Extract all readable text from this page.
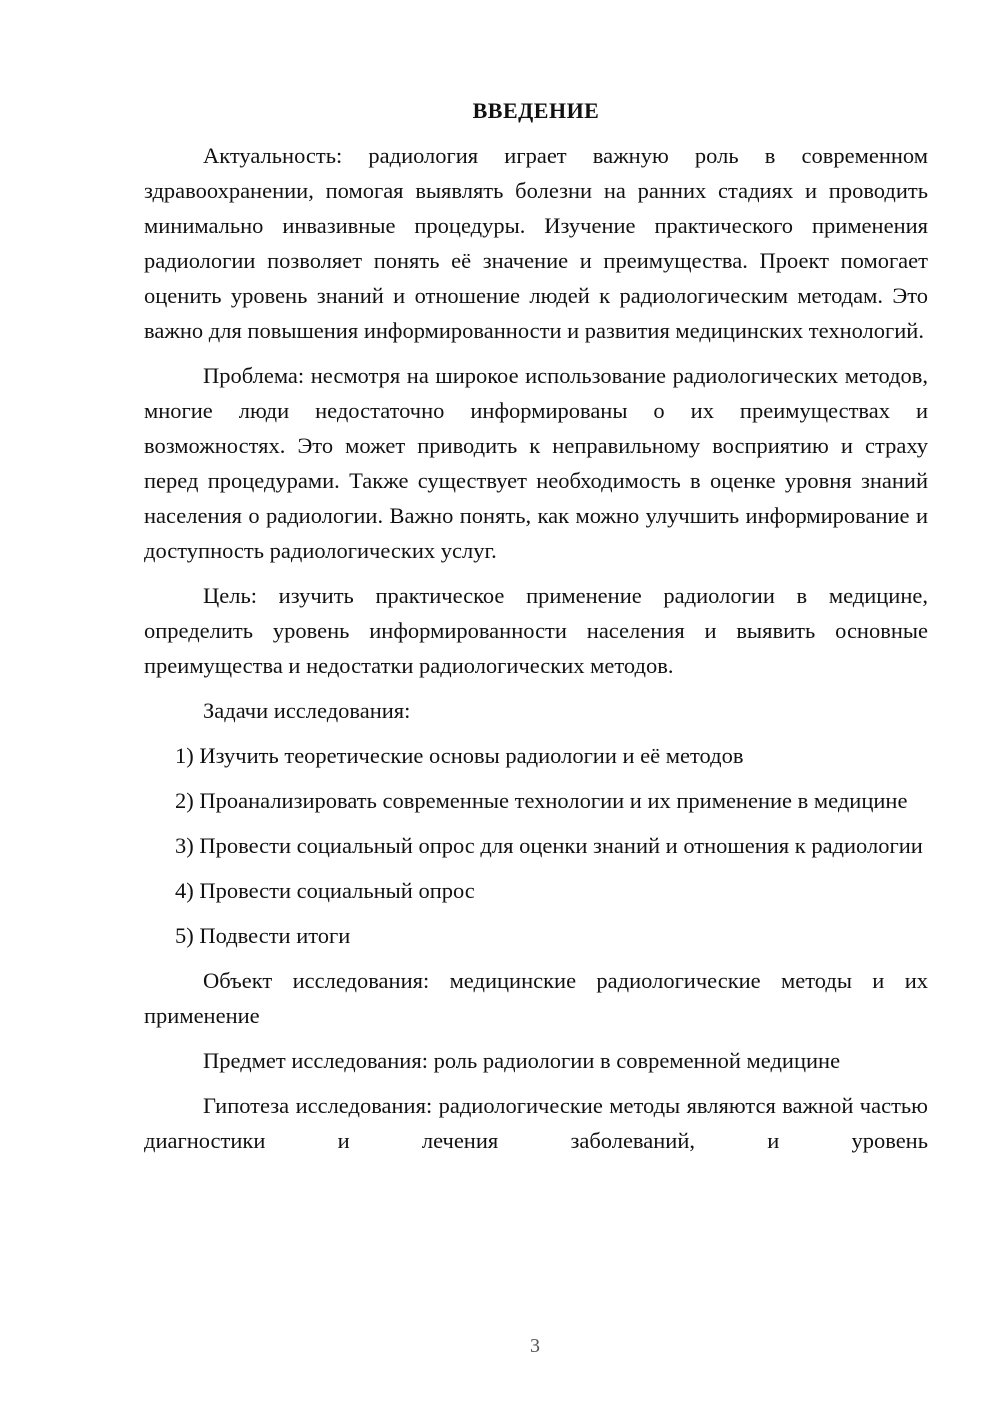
ВВЕДЕНИЕ

Актуальность: радиология играет важную роль в современном здравоохранении, помогая выявлять болезни на ранних стадиях и проводить минимально инвазивные процедуры. Изучение практического применения радиологии позволяет понять её значение и преимущества. Проект помогает оценить уровень знаний и отношение людей к радиологическим методам. Это важно для повышения информированности и развития медицинских технологий.

Проблема: несмотря на широкое использование радиологических методов, многие люди недостаточно информированы о их преимуществах и возможностях. Это может приводить к неправильному восприятию и страху перед процедурами. Также существует необходимость в оценке уровня знаний населения о радиологии. Важно понять, как можно улучшить информирование и доступность радиологических услуг.

Цель: изучить практическое применение радиологии в медицине, определить уровень информированности населения и выявить основные преимущества и недостатки радиологических методов.

Задачи исследования:

1) Изучить теоретические основы радиологии и её методов

2) Проанализировать современные технологии и их применение в медицине

3) Провести социальный опрос для оценки знаний и отношения к радиологии

4) Провести социальный опрос

5) Подвести итоги

Объект исследования: медицинские радиологические методы и их применение

Предмет исследования: роль радиологии в современной медицине

Гипотеза исследования: радиологические методы являются важной частью диагностики и лечения заболеваний, и уровень

3
